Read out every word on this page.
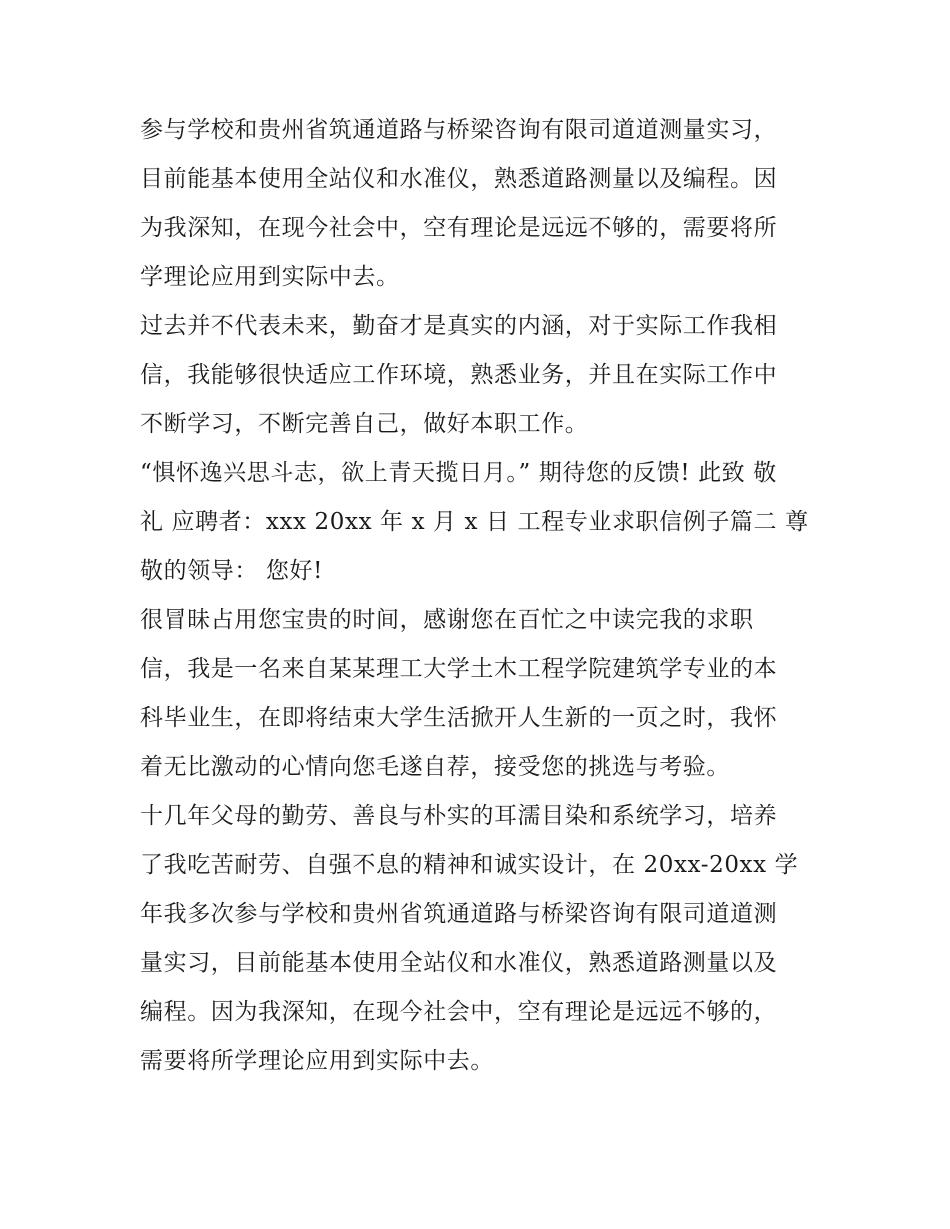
参与学校和贵州省筑通道路与桥梁咨询有限司道道测量实习，
目前能基本使用全站仪和水准仪，熟悉道路测量以及编程。因
为我深知，在现今社会中，空有理论是远远不够的，需要将所
学理论应用到实际中去。
过去并不代表未来，勤奋才是真实的内涵，对于实际工作我相
信，我能够很快适应工作环境，熟悉业务，并且在实际工作中
不断学习，不断完善自己，做好本职工作。
“惧怀逸兴思斗志，欲上青天揽日月。” 期待您的反馈! 此致 敬
礼 应聘者：xxx 20xx 年 x 月 x 日 工程专业求职信例子篇二 尊
敬的领导： 您好!
很冒昧占用您宝贵的时间，感谢您在百忙之中读完我的求职
信，我是一名来自某某理工大学土木工程学院建筑学专业的本
科毕业生，在即将结束大学生活掀开人生新的一页之时，我怀
着无比激动的心情向您毛遂自荐，接受您的挑选与考验。
十几年父母的勤劳、善良与朴实的耳濡目染和系统学习，培养
了我吃苦耐劳、自强不息的精神和诚实设计，在 20xx-20xx 学
年我多次参与学校和贵州省筑通道路与桥梁咨询有限司道道测
量实习，目前能基本使用全站仪和水准仪，熟悉道路测量以及
编程。因为我深知，在现今社会中，空有理论是远远不够的，
需要将所学理论应用到实际中去。
